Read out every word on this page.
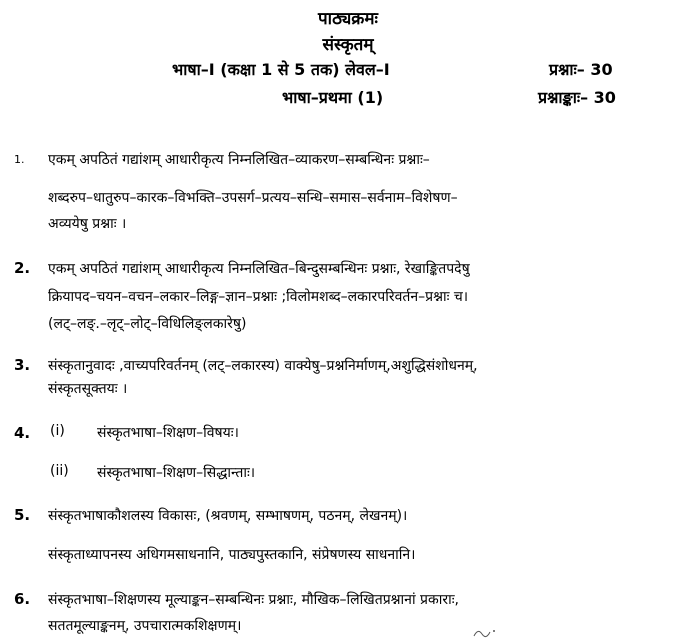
पाठ्यक्रमः
संस्कृतम्
भाषा–I (कक्षा 1 से 5 तक) लेवल–I	प्रश्नाः– 30
भाषा–प्रथमा (1)	प्रश्नाङ्काः– 30
1. एकम् अपठितं गद्यांशम् आधारीकृत्य निम्नलिखित–व्याकरण–सम्बन्धिनः प्रश्नाः–
शब्दरुप–धातुरुप–कारक–विभक्ति–उपसर्ग–प्रत्यय–सन्धि–समास–सर्वनाम–विशेषण–
अव्ययेषु प्रश्नाः ।
2. एकम् अपठितं गद्यांशम् आधारीकृत्य निम्नलिखित–बिन्दुसम्बन्धिनः प्रश्नाः, रेखाङ्कितपदेषु
क्रियापद–चयन–वचन–लकार–लिङ्ग–ज्ञान–प्रश्नाः ;विलोमशब्द–लकारपरिवर्तन–प्रश्नाः च।
(लट्–लङ्.–लृट्–लोट्–विधिलिङ्लकारेषु)
3. संस्कृतानुवादः ,वाच्यपरिवर्तनम् (लट्–लकारस्य) वाक्येषु–प्रश्ननिर्माणम्,अशुद्धिसंशोधनम्,
संस्कृतसूक्तयः ।
4. (i) संस्कृतभाषा–शिक्षण–विषयः।
(ii) संस्कृतभाषा–शिक्षण–सिद्धान्ताः।
5. संस्कृतभाषाकौशलस्य विकासः, (श्रवणम्, सम्भाषणम्, पठनम्, लेखनम्)।
संस्कृताध्यापनस्य अधिगमसाधनानि, पाठ्यपुस्तकानि, संप्रेषणस्य साधनानि।
6. संस्कृतभाषा–शिक्षणस्य मूल्याङ्कन–सम्बन्धिनः प्रश्नाः, मौखिक–लिखितप्रश्नानां प्रकाराः,
सततमूल्याङ्कनम्, उपचारात्मकशिक्षणम्।
